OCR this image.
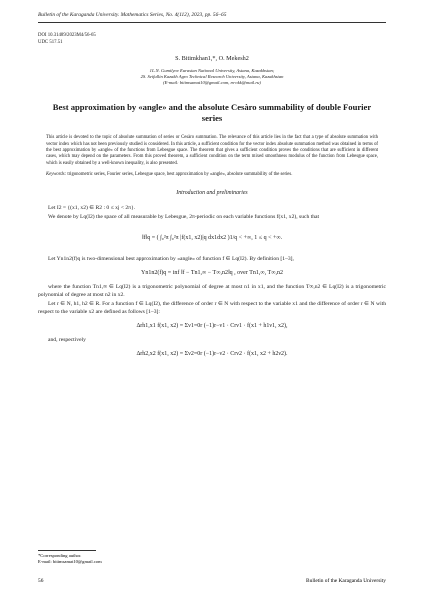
Bulletin of the Karaganda University. Mathematics Series, No. 4(112), 2023, pp. 56–65
DOI 10.31489/2023M4/56-65
UDC 517.51
S. Bitimkhan1,*, O. Mekesh2
1L.N. Gumilyov Eurasian National University, Astana, Kazakhstan;
2S. Seifullin Kazakh Agro Technical Research University, Astana, Kazakhstan
(E-mail: bitimsamat10@gmail.com, m-okk@mail.ru)
Best approximation by «angle» and the absolute Cesàro summability of double Fourier series
This article is devoted to the topic of absolute summation of series or Cesàro summation. The relevance of this article lies in the fact that a type of absolute summation with vector index which has not been previously studied is considered. In this article, a sufficient condition for the vector index absolute summation method was obtained in terms of the best approximation by «angle» of the functions from Lebesgue space. The theorem that gives a sufficient condition proves the conditions that are sufficient in different cases, which may depend on the parameters. From this proved theorem, a sufficient condition on the term mixed smoothness modulus of the function from Lebesgue space, which is easily obtained by a well-known inequality, is also presented.
Keywords: trigonometric series, Fourier series, Lebesgue space, best approximation by «angle», absolute summability of the series.
Introduction and preliminaries

Let I2 = {(x1, x2) ∈ R2 : 0 ≤ xj < 2π}.

We denote by Lq(I2) the space of all measurable by Lebesgue, 2π-periodic on each variable functions f(x1, x2), such that

‖f‖q = ( ∫₀²π ∫₀²π |f(x1, x2)|q dx1dx2 )1/q < +∞, 1 ≤ q < +∞.

Let Yn1n2(f)q is two-dimensional best approximation by «angle» of function f ∈ Lq(I2). By definition [1–3],

Yn1n2(f)q = inf ‖f − Tn1,∞ − T∞,n2‖q , over Tn1,∞, T∞,n2

where the function Tn1,∞ ∈ Lq(I2) is a trigonometric polynomial of degree at most n1 in x1, and the function T∞,n2 ∈ Lq(I2) is a trigonometric polynomial of degree at most n2 in x2.

Let r ∈ N, h1, h2 ∈ R. For a function f ∈ Lq(I2), the difference of order r ∈ N with respect to the variable x1 and the difference of order r ∈ N with respect to the variable x2 are defined as follows [1–3]:

Δrh1,x1 f(x1, x2) = Σν1=0r (−1)r−ν1 · Crν1 · f(x1 + h1ν1, x2),

and, respectively

Δrh2,x2 f(x1, x2) = Σν2=0r (−1)r−ν2 · Crν2 · f(x1, x2 + h2ν2).
*Corresponding author.
E-mail: bitimsamat10@gmail.com
56	Bulletin of the Karaganda University
